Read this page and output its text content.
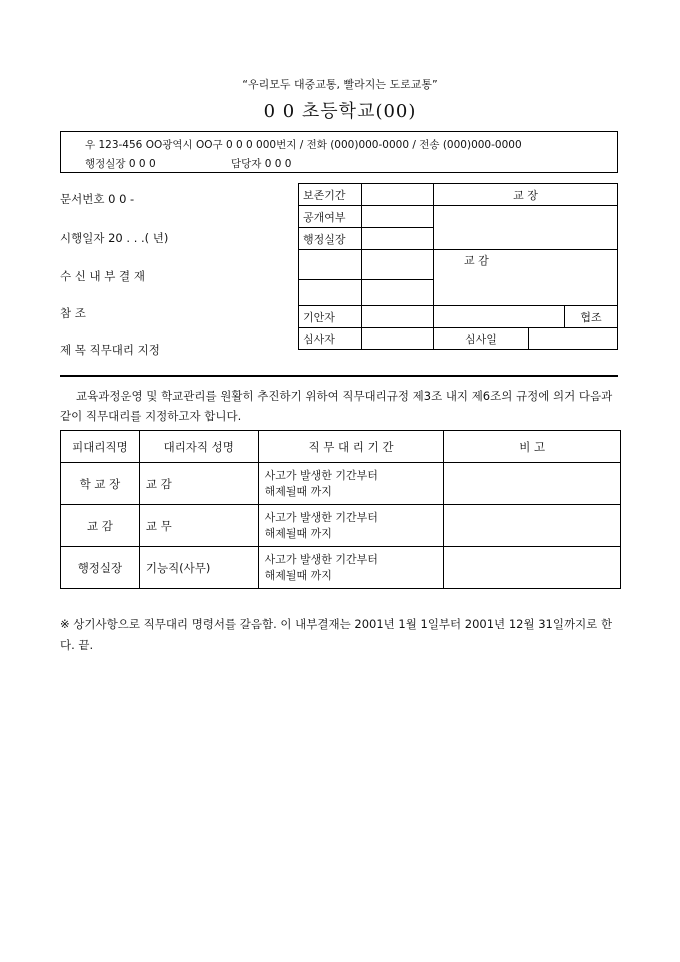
“우리모두 대중교통, 빨라지는 도로교통”
0 0 초등학교(00)
우 123-456 OO광역시 OO구 0 0 0 000번지 / 전화 (000)000-0000 / 전송 (000)000-0000
행정실장 0 0 0	담당자 0 0 0
문서번호 0 0 -
시행일자 20 . . .( 년)
수 신 내 부 결 재
참 조
제 목 직무대리 지정
보존기간		교 장		
공개여부				
행정실장				
		교 감		

기안자				협조
심사자		심사일		
교육과정운영 및 학교관리를 원활히 추진하기 위하여 직무대리규정 제3조 내지 제6조의 규정에 의거 다음과 같이 직무대리를 지정하고자 합니다.
피대리직명	대리자직 성명	직 무 대 리 기 간	비 고
학 교 장	교 감	사고가 발생한 기간부터
해제될때 까지	

교 감	교 무	사고가 발생한 기간부터
해제될때 까지	

행정실장	기능직(사무)	사고가 발생한 기간부터
해제될때 까지	

※ 상기사항으로 직무대리 명령서를 갈음함. 이 내부결재는 2001년 1월 1일부터 2001년 12월 31일까지로 한다. 끝.
